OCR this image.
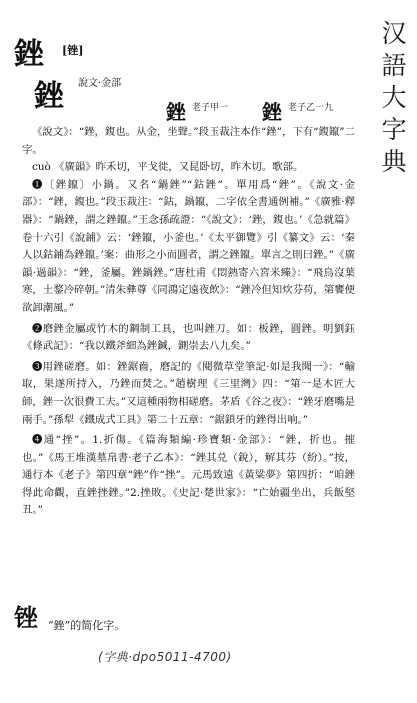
汉
語
大
字
典
銼 [锉]
銼 說文·金部
銼 老子甲一 銼 老子乙一九

《說文》：“銼，鍑也。从金，坐聲。”段玉裁注本作“銼”，下有“鍑鑹”二字。

cuò 《廣韻》昨禾切，平戈徙，又昆卧切，昨木切。歌部。

❶〔銼鑹〕小鍋。又名“鍋銼”“鈷銼”。單用爲“銼”。《說文·金部》：“銼，鍑也。”段玉裁注：“鈷，鍋鑹，二字依全書通例補。”《廣雅·釋器》：“鍋銼，謂之銼鑹。”王念孫疏證：“《說文》：‘銼，鍑也。’《急就篇》卷十六引《說鋪》云：‘銼鑹，小釜也。’《太平御覽》引《纂文》云：‘秦人以鈷鋪為銼鑹。’案：曲形之小而圓者，謂之銼鑹。單言之則曰銼。”《廣韻·過韻》：“銼，釜屬。銼鍋銼。”唐杜甫《悶熱寄六宮米臻》：“飛鳥沒葉寒，土鍪冷碎朝。”清朱彝尊《同鴻定遠夜飲》：“銼冷但知炊芬苟，第饔便欲卸潮風。”

❷磨銼金屬或竹木的鋼制工具，也叫銼刀。如：板銼，圓銼。明劉鈺《條武記》：“我以鐵斧細為銼鍼，鍘崇去八九矣。”

❸用銼磋磨。如：銼鋸齒，磨記的《閱微草堂筆記·如是我聞一》：“輸取，果遂所持入，乃銼而焚之。”趙樹理《三里灣》四：“第一是木匠大師，銼一次很費工夫。”又這種兩物相磋磨。茅盾《谷之夜》：“銼牙磨嘴是兩手。”孫犁《鐵成式工具》第二十五章：“鋸鎖牙的銼得出响。”

❹通“挫”。1.折傷。《篇海類編·珍寶類·金部》：“銼，折也。摧也。”《馬王堆漢墓帛書·老子乙本》：“銼其兑（銳），解其芬（紛）。”按，通行本《老子》第四章“銼”作“挫”。元馬致遠《黃粱夢》第四折：“咱銼得此命觀，直銼挫銼。”2.挫敗。《史記·楚世家》：“亡始疆坐出，兵飯堅丑。”

锉 “銼”的简化字。
(字典·dpo5011-4700)
